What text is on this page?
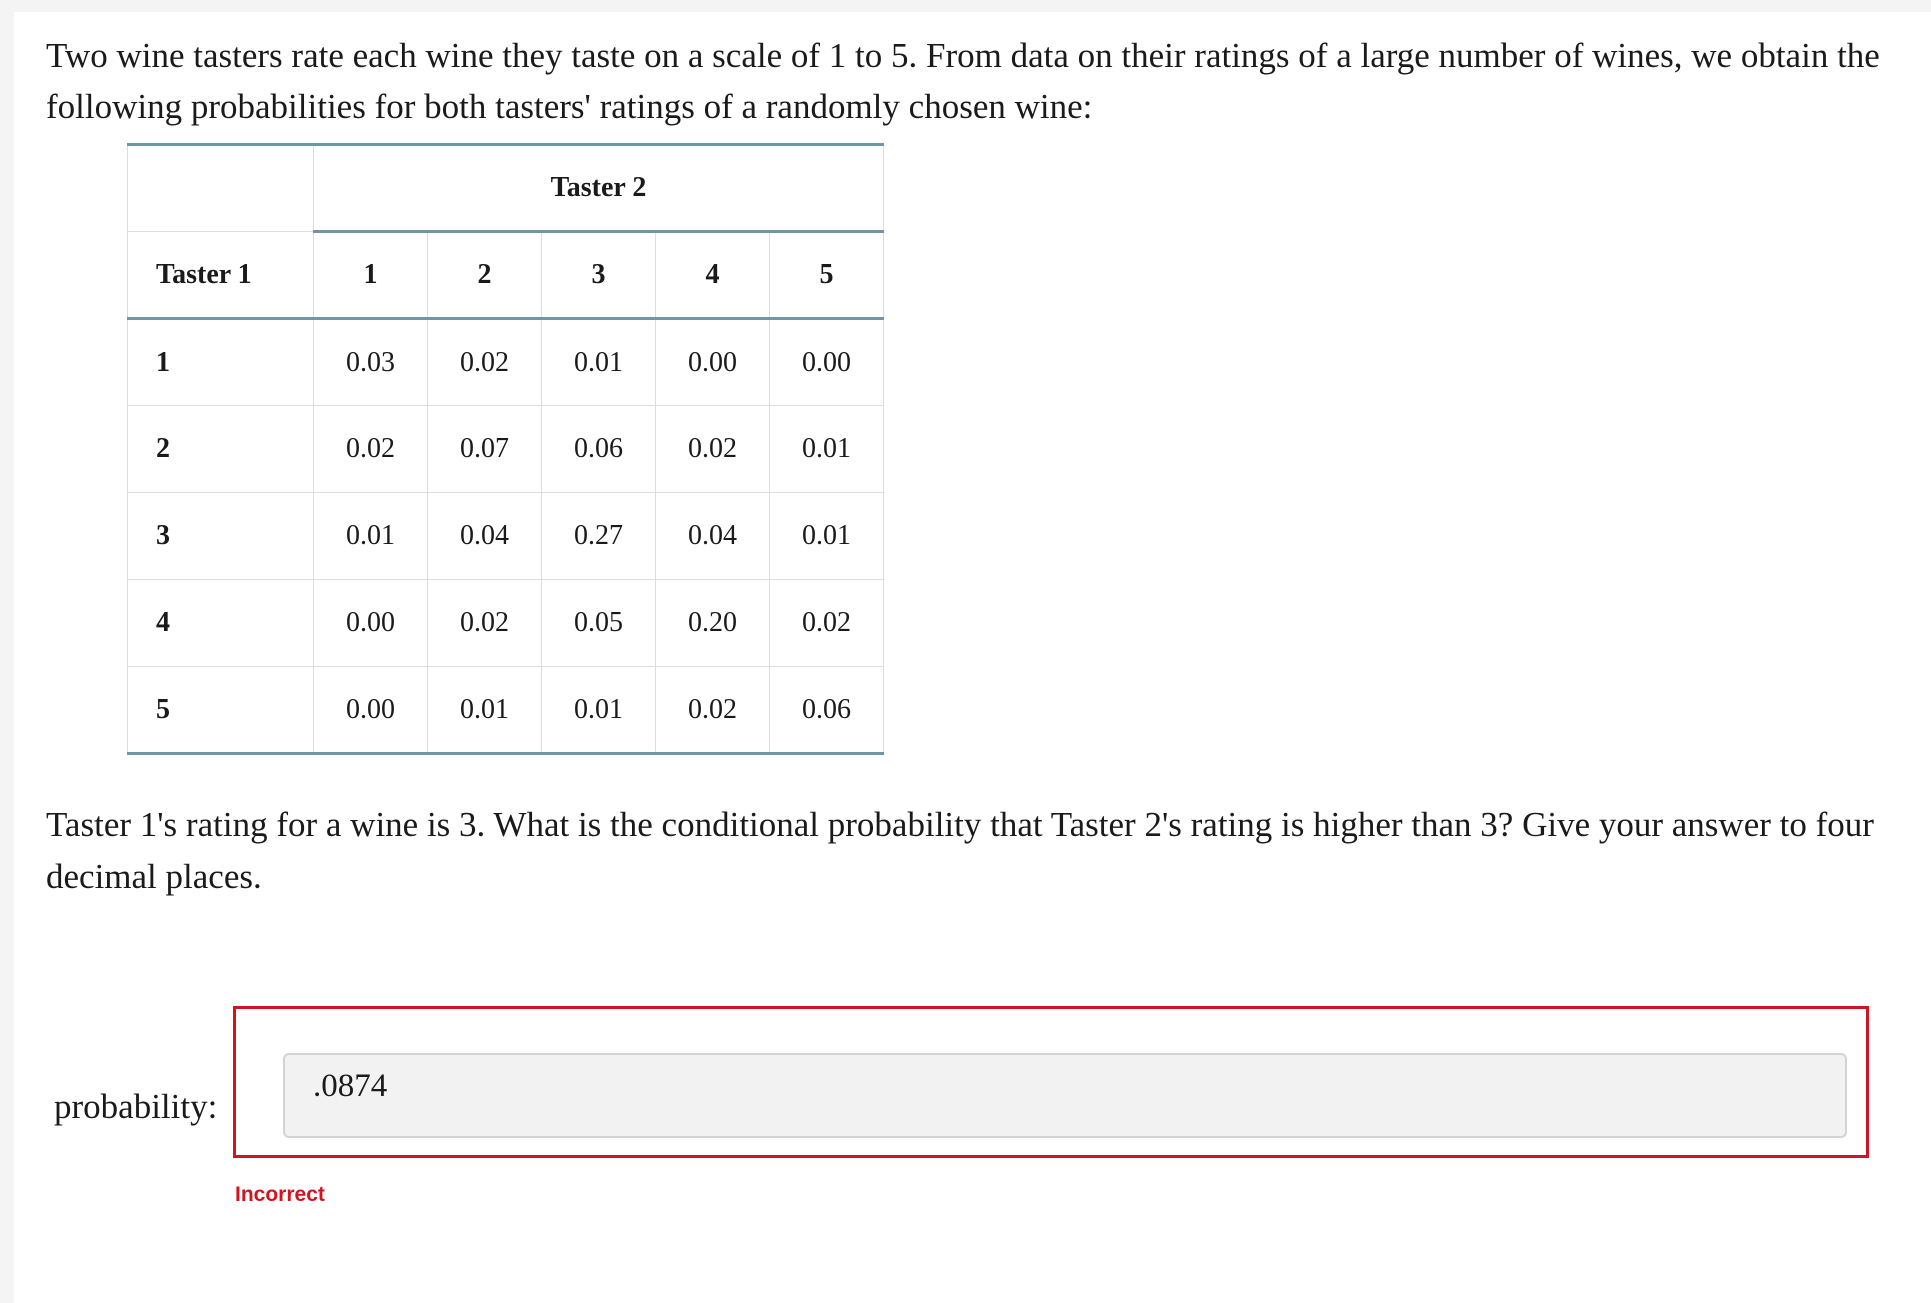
Two wine tasters rate each wine they taste on a scale of 1 to 5. From data on their ratings of a large number of wines, we obtain the following probabilities for both tasters' ratings of a randomly chosen wine:

	Taster 2				
Taster 1	1	2	3	4	5
1	0.03	0.02	0.01	0.00	0.00
2	0.02	0.07	0.06	0.02	0.01
3	0.01	0.04	0.27	0.04	0.01
4	0.00	0.02	0.05	0.20	0.02
5	0.00	0.01	0.01	0.02	0.06

Taster 1's rating for a wine is 3. What is the conditional probability that Taster 2's rating is higher than 3? Give your answer to four decimal places.

probability:
.0874
Incorrect
